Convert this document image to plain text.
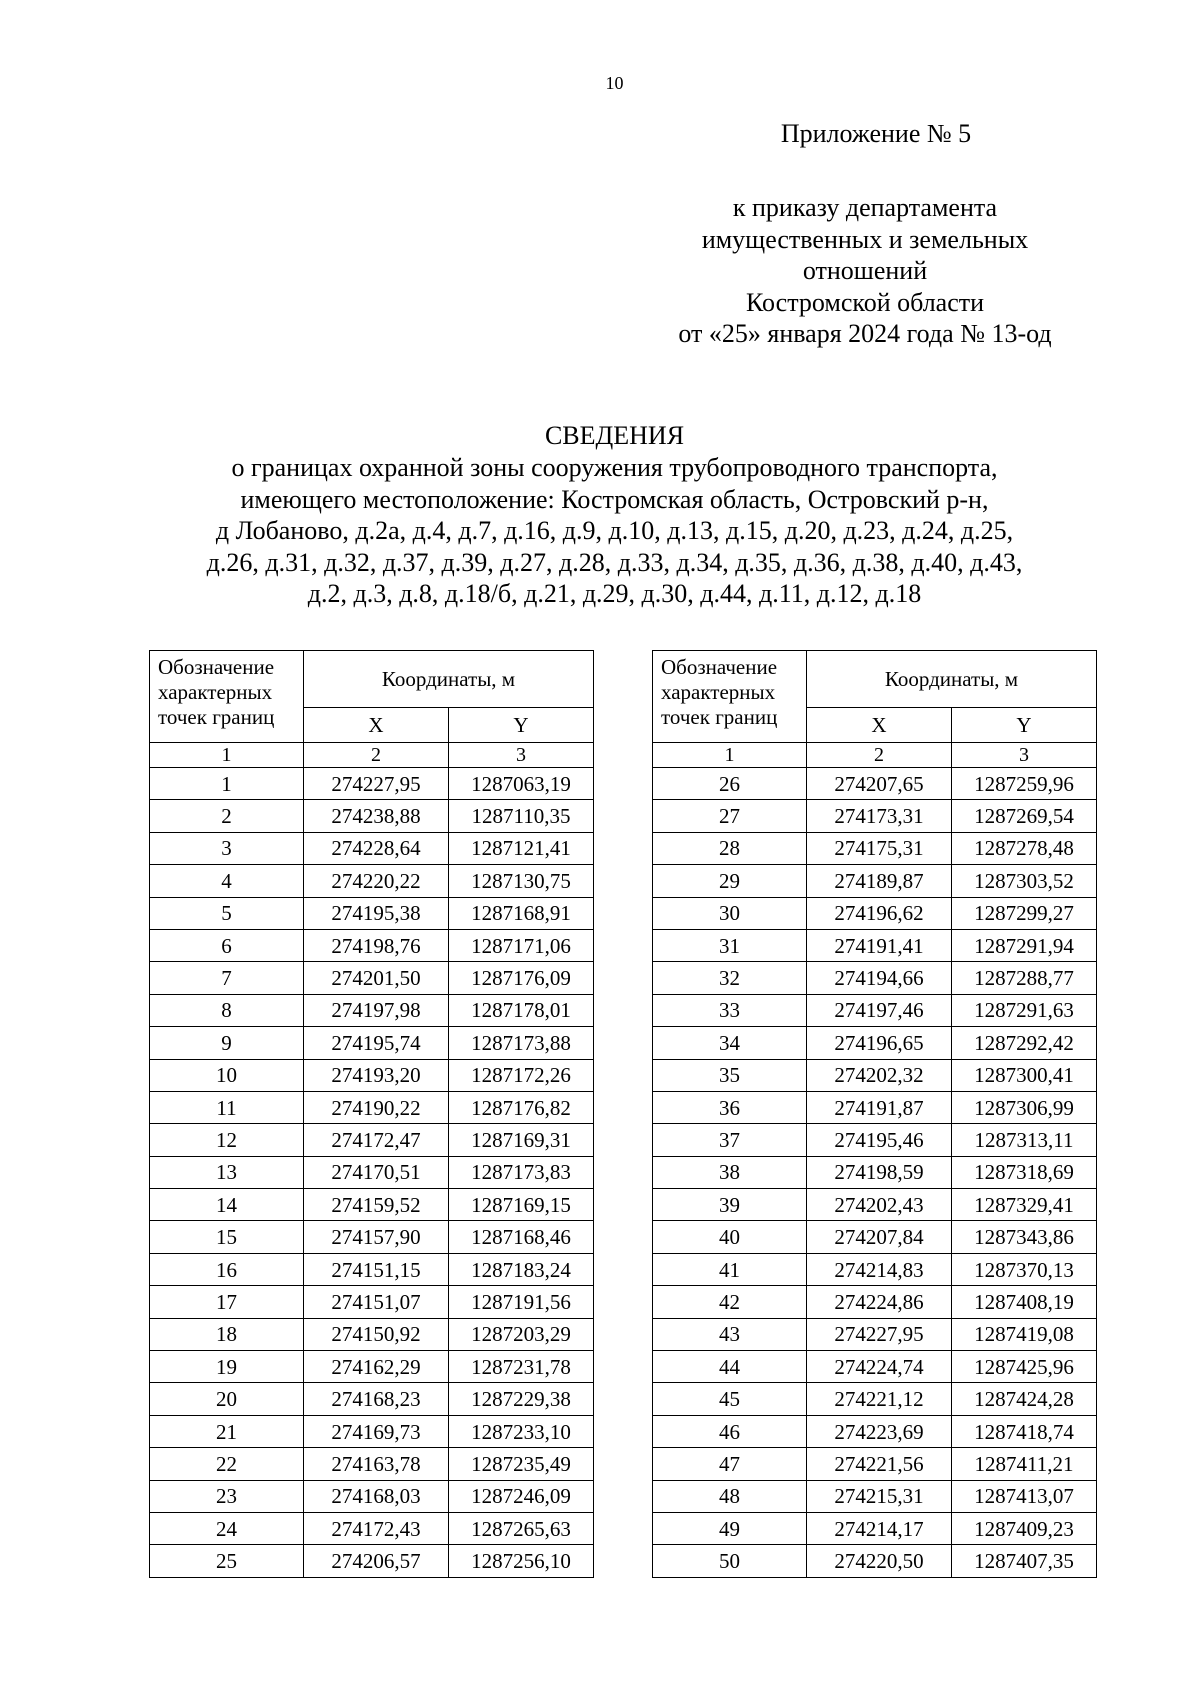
10
Приложение № 5
к приказу департамента
имущественных и земельных
отношений
Костромской области
от «25» января 2024 года № 13-од
СВЕДЕНИЯ
о границах охранной зоны сооружения трубопроводного транспорта,
имеющего местоположение: Костромская область, Островский р-н,
д Лобаново, д.2а, д.4, д.7, д.16, д.9, д.10, д.13, д.15, д.20, д.23, д.24, д.25,
д.26, д.31, д.32, д.37, д.39, д.27, д.28, д.33, д.34, д.35, д.36, д.38, д.40, д.43,
д.2, д.3, д.8, д.18/б, д.21, д.29, д.30, д.44, д.11, д.12, д.18
Обозначение
характерных
точек границ	Координаты, м	
	X	Y
1	2	3
1	274227,95	1287063,19
2	274238,88	1287110,35
3	274228,64	1287121,41
4	274220,22	1287130,75
5	274195,38	1287168,91
6	274198,76	1287171,06
7	274201,50	1287176,09
8	274197,98	1287178,01
9	274195,74	1287173,88
10	274193,20	1287172,26
11	274190,22	1287176,82
12	274172,47	1287169,31
13	274170,51	1287173,83
14	274159,52	1287169,15
15	274157,90	1287168,46
16	274151,15	1287183,24
17	274151,07	1287191,56
18	274150,92	1287203,29
19	274162,29	1287231,78
20	274168,23	1287229,38
21	274169,73	1287233,10
22	274163,78	1287235,49
23	274168,03	1287246,09
24	274172,43	1287265,63
25	274206,57	1287256,10
Обозначение
характерных
точек границ	Координаты, м	
	X	Y
1	2	3
26	274207,65	1287259,96
27	274173,31	1287269,54
28	274175,31	1287278,48
29	274189,87	1287303,52
30	274196,62	1287299,27
31	274191,41	1287291,94
32	274194,66	1287288,77
33	274197,46	1287291,63
34	274196,65	1287292,42
35	274202,32	1287300,41
36	274191,87	1287306,99
37	274195,46	1287313,11
38	274198,59	1287318,69
39	274202,43	1287329,41
40	274207,84	1287343,86
41	274214,83	1287370,13
42	274224,86	1287408,19
43	274227,95	1287419,08
44	274224,74	1287425,96
45	274221,12	1287424,28
46	274223,69	1287418,74
47	274221,56	1287411,21
48	274215,31	1287413,07
49	274214,17	1287409,23
50	274220,50	1287407,35
